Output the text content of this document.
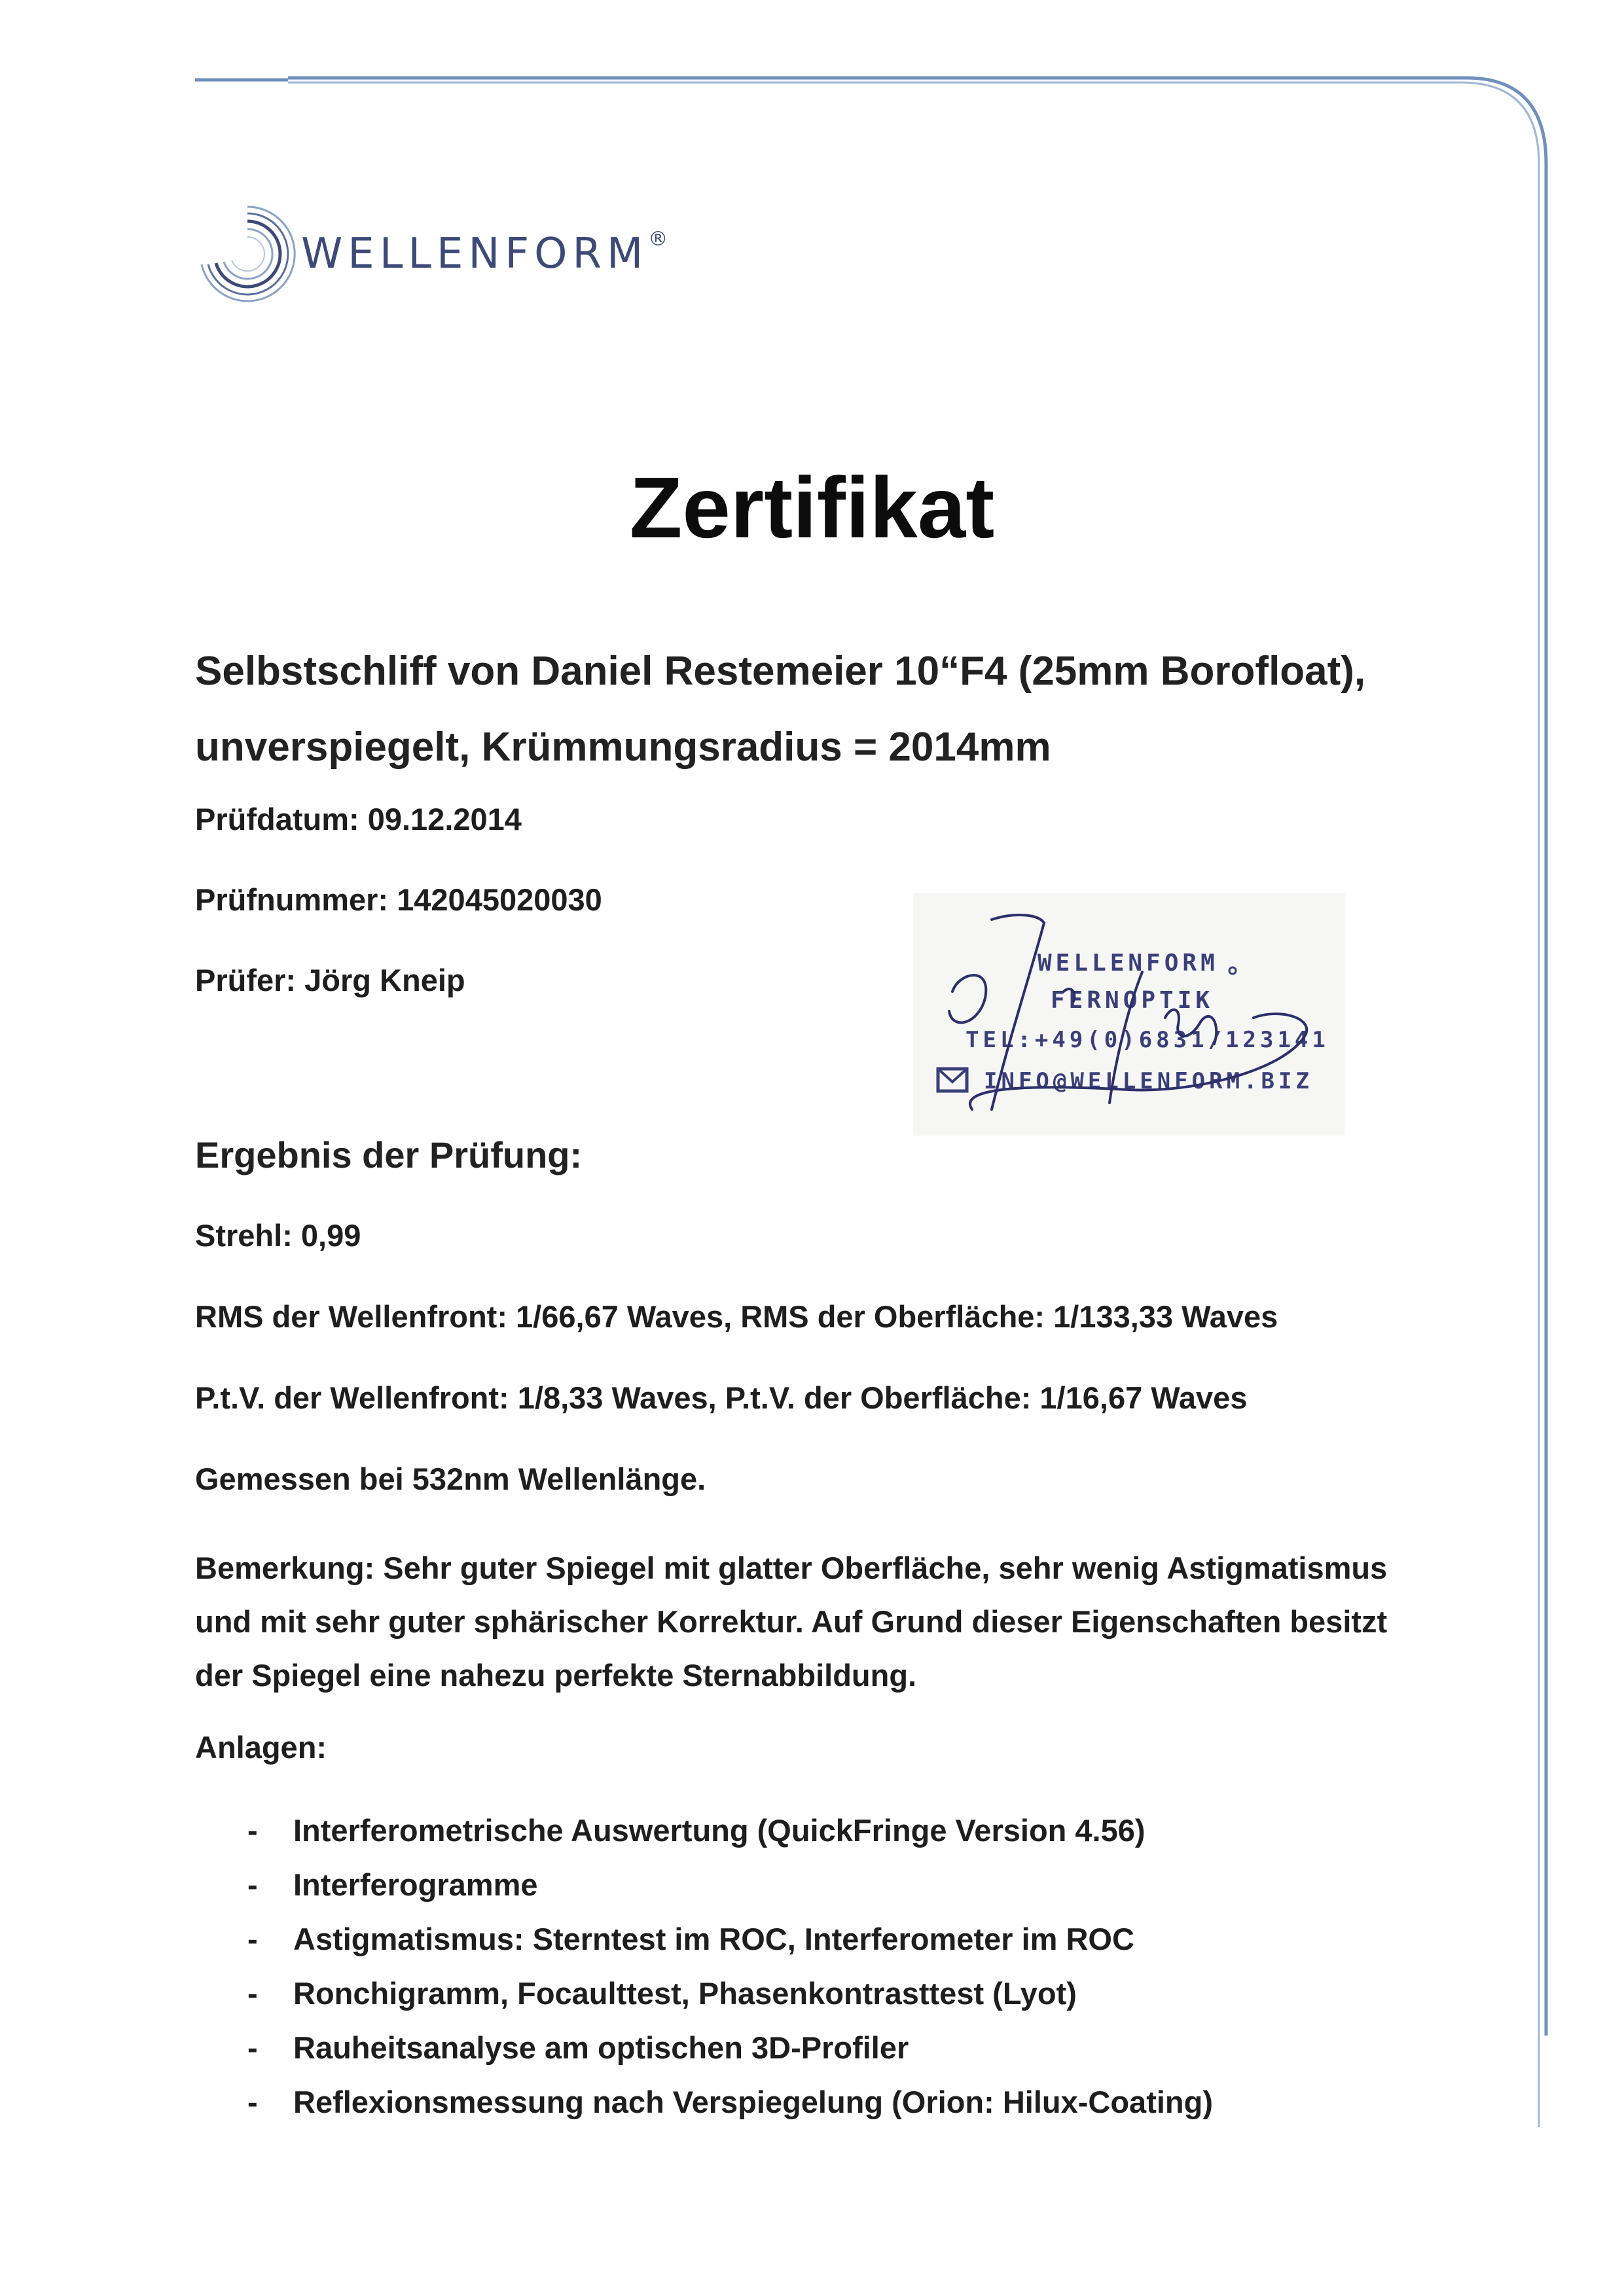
WELLENFORM®
Zertifikat

Selbstschliff von Daniel Restemeier 10“F4 (25mm Borofloat), unverspiegelt, Krümmungsradius = 2014mm

Prüfdatum: 09.12.2014

Prüfnummer: 142045020030

Prüfer: Jörg Kneip	WELLENFORM
FERNOPTIK
TEL:+49(0)6831/123141
INFO@WELLENFORM.BIZ
Ergebnis der Prüfung:

Strehl: 0,99

RMS der Wellenfront: 1/66,67 Waves, RMS der Oberfläche: 1/133,33 Waves

P.t.V. der Wellenfront: 1/8,33 Waves, P.t.V. der Oberfläche: 1/16,67 Waves

Gemessen bei 532nm Wellenlänge.

Bemerkung: Sehr guter Spiegel mit glatter Oberfläche, sehr wenig Astigmatismus und mit sehr guter sphärischer Korrektur. Auf Grund dieser Eigenschaften besitzt der Spiegel eine nahezu perfekte Sternabbildung.

Anlagen:

- Interferometrische Auswertung (QuickFringe Version 4.56)
- Interferogramme
- Astigmatismus: Sterntest im ROC, Interferometer im ROC
- Ronchigramm, Focaulttest, Phasenkontrasttest (Lyot)
- Rauheitsanalyse am optischen 3D-Profiler
- Reflexionsmessung nach Verspiegelung (Orion: Hilux-Coating)
